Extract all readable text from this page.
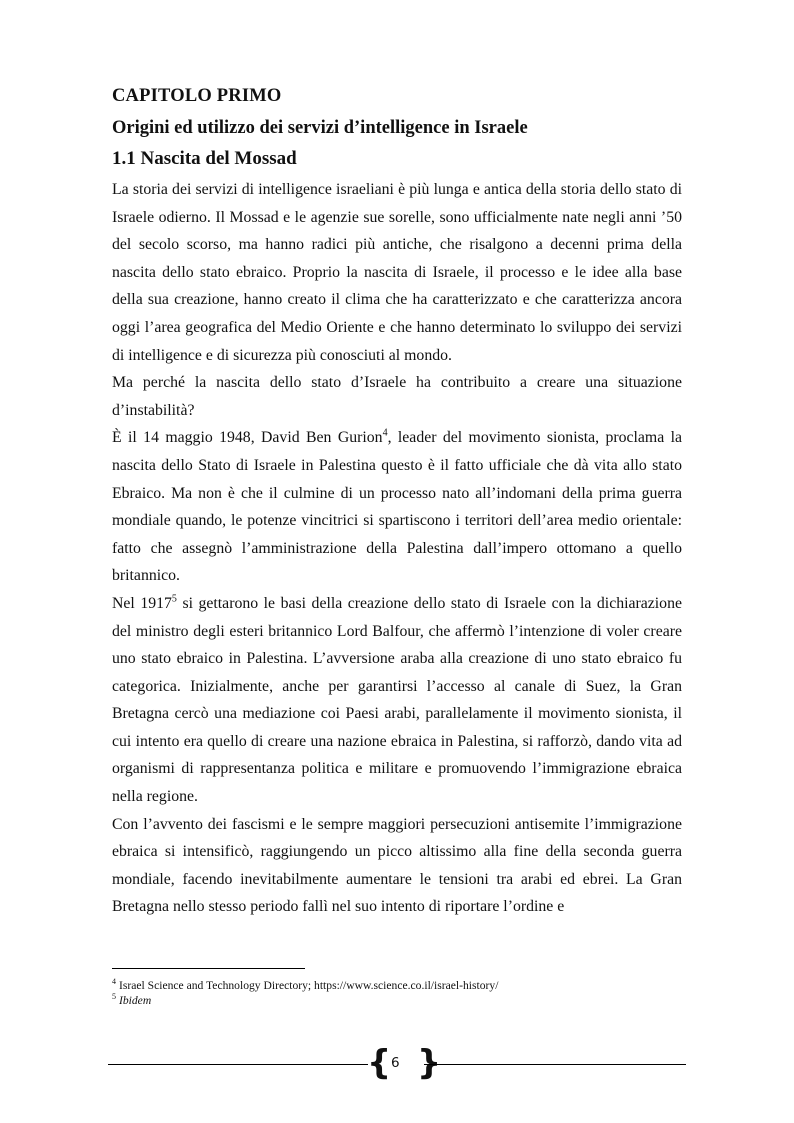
CAPITOLO PRIMO
Origini ed utilizzo dei servizi d’intelligence in Israele
1.1 Nascita del Mossad

La storia dei servizi di intelligence israeliani è più lunga e antica della storia dello stato di Israele odierno. Il Mossad e le agenzie sue sorelle, sono ufficialmente nate negli anni ’50 del secolo scorso, ma hanno radici più antiche, che risalgono a decenni prima della nascita dello stato ebraico. Proprio la nascita di Israele, il processo e le idee alla base della sua creazione, hanno creato il clima che ha caratterizzato e che caratterizza ancora oggi l’area geografica del Medio Oriente e che hanno determinato lo sviluppo dei servizi di intelligence e di sicurezza più conosciuti al mondo.

Ma perché la nascita dello stato d’Israele ha contribuito a creare una situazione d’instabilità?

È il 14 maggio 1948, David Ben Gurion$^4$, leader del movimento sionista, proclama la nascita dello Stato di Israele in Palestina questo è il fatto ufficiale che dà vita allo stato Ebraico. Ma non è che il culmine di un processo nato all’indomani della prima guerra mondiale quando, le potenze vincitrici si spartiscono i territori dell’area medio orientale: fatto che assegnò l’amministrazione della Palestina dall’impero ottomano a quello britannico.

Nel 1917$^5$ si gettarono le basi della creazione dello stato di Israele con la dichiarazione del ministro degli esteri britannico Lord Balfour, che affermò l’intenzione di voler creare uno stato ebraico in Palestina. L’avversione araba alla creazione di uno stato ebraico fu categorica. Inizialmente, anche per garantirsi l’accesso al canale di Suez, la Gran Bretagna cercò una mediazione coi Paesi arabi, parallelamente il movimento sionista, il cui intento era quello di creare una nazione ebraica in Palestina, si rafforzò, dando vita ad organismi di rappresentanza politica e militare e promuovendo l’immigrazione ebraica nella regione.

Con l’avvento dei fascismi e le sempre maggiori persecuzioni antisemite l’immigrazione ebraica si intensificò, raggiungendo un picco altissimo alla fine della seconda guerra mondiale, facendo inevitabilmente aumentare le tensioni tra arabi ed ebrei. La Gran Bretagna nello stesso periodo fallì nel suo intento di riportare l’ordine e

$^4$ Israel Science and Technology Directory; https://www.science.co.il/israel-history/
$^5$ Ibidem
{ 6 }
